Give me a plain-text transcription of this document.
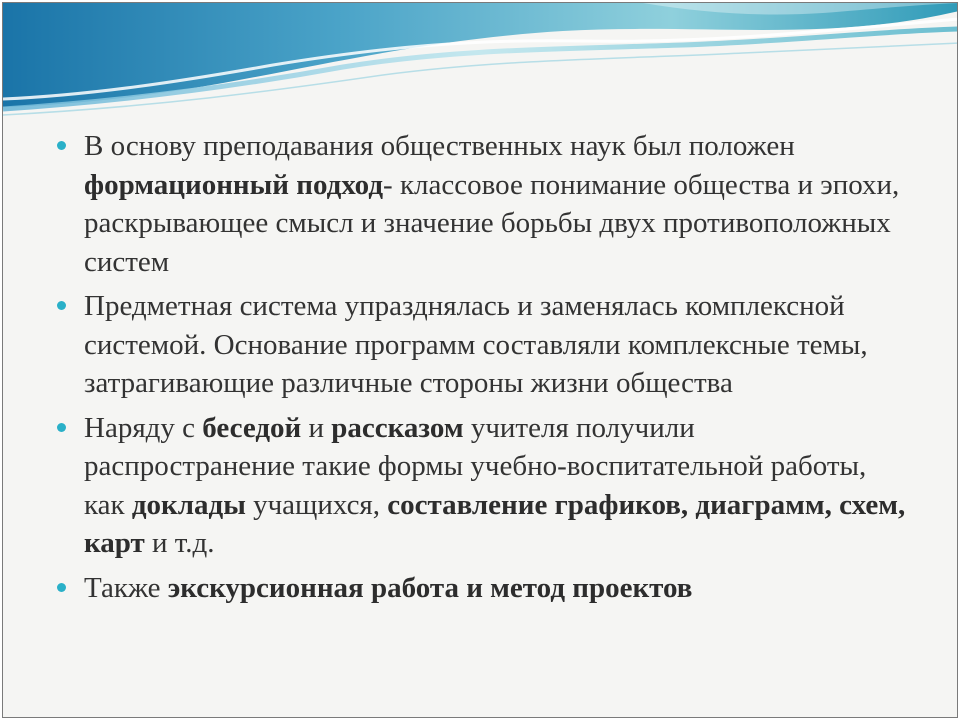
В основу преподавания общественных наук был положен формационный подход- классовое понимание общества и эпохи, раскрывающее смысл и значение борьбы двух противоположных систем
Предметная система упразднялась и заменялась комплексной системой. Основание программ составляли комплексные темы, затрагивающие различные стороны жизни общества
Наряду с беседой и рассказом учителя получили распространение такие формы учебно-воспитательной работы, как доклады учащихся, составление графиков, диаграмм, схем, карт и т.д.
Также экскурсионная работа и метод проектов
